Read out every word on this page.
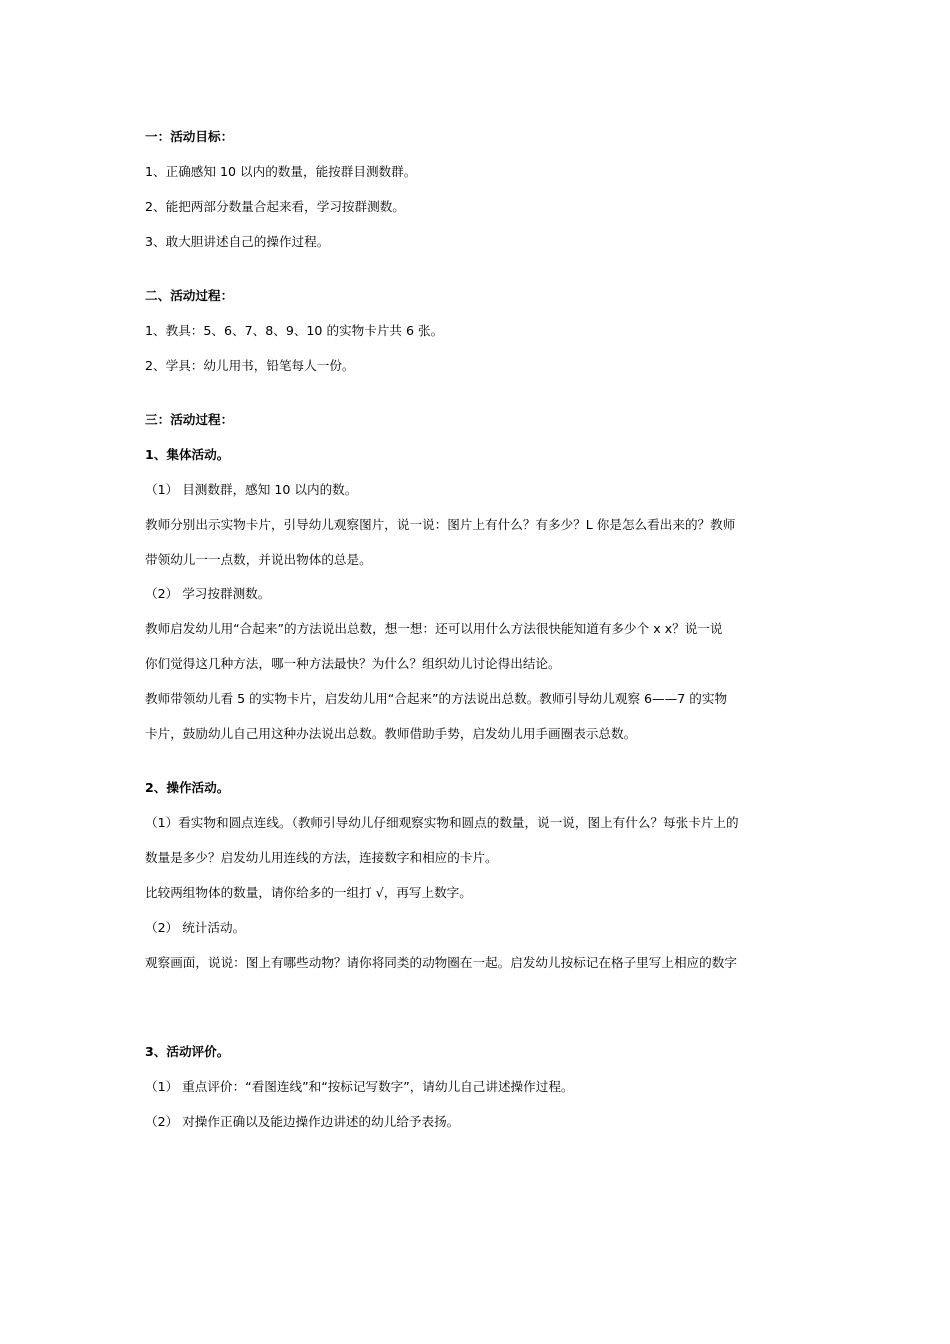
一：活动目标：
1、正确感知 10 以内的数量，能按群目测数群。
2、能把两部分数量合起来看，学习按群测数。
3、敢大胆讲述自己的操作过程。
二、活动过程：
1、教具：5、6、7、8、9、10 的实物卡片共 6 张。
2、学具：幼儿用书，铅笔每人一份。
三：活动过程：
1、集体活动。
（1） 目测数群，感知 10 以内的数。
教师分别出示实物卡片，引导幼儿观察图片，说一说：图片上有什么？有多少？L 你是怎么看出来的？教师
带领幼儿一一点数，并说出物体的总是。
（2） 学习按群测数。
教师启发幼儿用“合起来”的方法说出总数，想一想：还可以用什么方法很快能知道有多少个 x x？说一说
你们觉得这几种方法，哪一种方法最快？为什么？组织幼儿讨论得出结论。
教师带领幼儿看 5 的实物卡片，启发幼儿用“合起来”的方法说出总数。教师引导幼儿观察 6——7 的实物
卡片，鼓励幼儿自己用这种办法说出总数。教师借助手势，启发幼儿用手画圈表示总数。
2、操作活动。
（1）看实物和圆点连线。（教师引导幼儿仔细观察实物和圆点的数量，说一说，图上有什么？每张卡片上的
数量是多少？启发幼儿用连线的方法，连接数字和相应的卡片。
比较两组物体的数量，请你给多的一组打 √，再写上数字。
（2） 统计活动。
观察画面，说说：图上有哪些动物？请你将同类的动物圈在一起。启发幼儿按标记在格子里写上相应的数字
3、活动评价。
（1） 重点评价：“看图连线”和“按标记写数字”，请幼儿自己讲述操作过程。
（2） 对操作正确以及能边操作边讲述的幼儿给予表扬。
